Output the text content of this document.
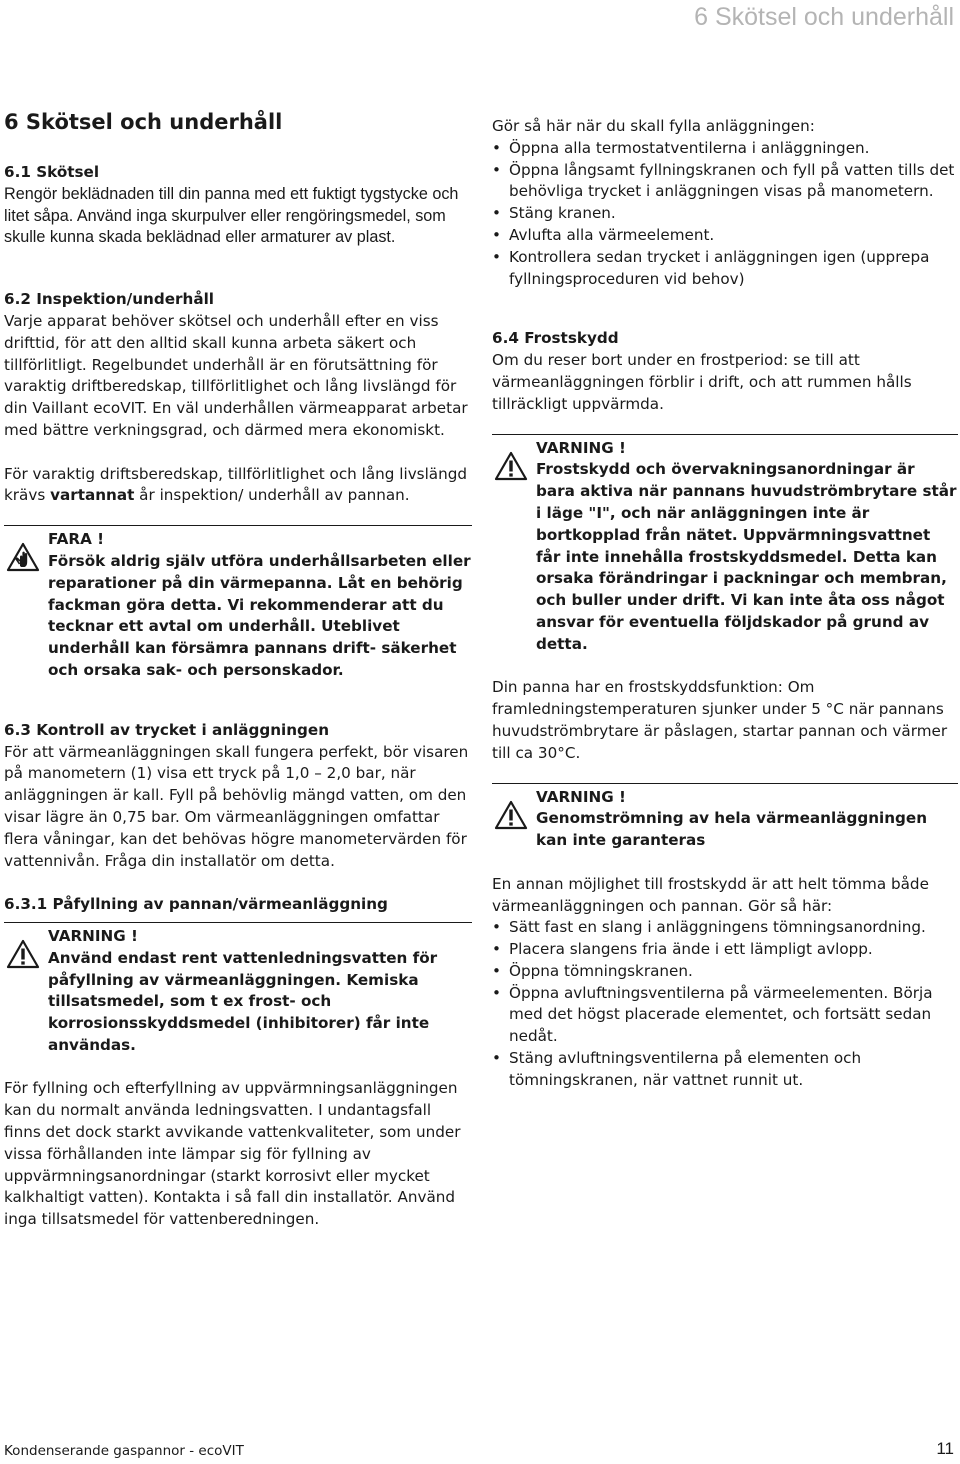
6 Skötsel och underhåll
6 Skötsel och underhåll
6.1 Skötsel

Rengör beklädnaden till din panna med ett fuktigt tygstycke och litet såpa. Använd inga skurpulver eller rengöringsmedel, som skulle kunna skada beklädnad eller armaturer av plast.

6.2 Inspektion/underhåll

Varje apparat behöver skötsel och underhåll efter en viss drifttid, för att den alltid skall kunna arbeta säkert och tillförlitligt. Regelbundet underhåll är en förutsättning för varaktig driftberedskap, tillförlitlighet och lång livslängd för din Vaillant ecoVIT. En väl underhållen värmeapparat arbetar med bättre verkningsgrad, och därmed mera ekonomiskt.

För varaktig driftsberedskap, tillförlitlighet och lång livslängd krävs vartannat år inspektion/ underhåll av pannan.

FARA !
Försök aldrig själv utföra underhållsarbeten eller reparationer på din värmepanna. Låt en behörig fackman göra detta. Vi rekommenderar att du tecknar ett avtal om underhåll. Uteblivet underhåll kan försämra pannans drift- säkerhet och orsaka sak- och personskador.
6.3 Kontroll av trycket i anläggningen

För att värmeanläggningen skall fungera perfekt, bör visaren på manometern (1) visa ett tryck på 1,0 – 2,0 bar, när anläggningen är kall. Fyll på behövlig mängd vatten, om den visar lägre än 0,75 bar. Om värmeanläggningen omfattar flera våningar, kan det behövas högre manometervärden för vattennivån. Fråga din installatör om detta.

6.3.1 Påfyllning av pannan/värmeanläggning
VARNING !
Använd endast rent vattenledningsvatten för påfyllning av värmeanläggningen. Kemiska tillsatsmedel, som t ex frost- och korrosionsskyddsmedel (inhibitorer) får inte användas.

För fyllning och efterfyllning av uppvärmningsanläggningen kan du normalt använda ledningsvatten. I undantagsfall finns det dock starkt avvikande vattenkvaliteter, som under vissa förhållanden inte lämpar sig för fyllning av uppvärmningsanordningar (starkt korrosivt eller mycket kalkhaltigt vatten). Kontakta i så fall din installatör. Använd inga tillsatsmedel för vattenberedningen.

Gör så här när du skall fylla anläggningen:

• Öppna alla termostatventilerna i anläggningen.
• Öppna långsamt fyllningskranen och fyll på vatten tills det behövliga trycket i anläggningen visas på manometern.
• Stäng kranen.
• Avlufta alla värmeelement.
• Kontrollera sedan trycket i anläggningen igen (upprepa fyllningsproceduren vid behov)
6.4 Frostskydd

Om du reser bort under en frostperiod: se till att värmeanläggningen förblir i drift, och att rummen hålls tillräckligt uppvärmda.

VARNING !
Frostskydd och övervakningsanordningar är bara aktiva när pannans huvudströmbrytare står i läge "I", och när anläggningen inte är bortkopplad från nätet. Uppvärmningsvattnet får inte innehålla frostskyddsmedel. Detta kan orsaka förändringar i packningar och membran, och buller under drift. Vi kan inte åta oss något ansvar för eventuella följdskador på grund av detta.

Din panna har en frostskyddsfunktion: Om framledningstemperaturen sjunker under 5 °C när pannans huvudströmbrytare är påslagen, startar pannan och värmer till ca 30°C.

VARNING !
Genomströmning av hela värmeanläggningen kan inte garanteras

En annan möjlighet till frostskydd är att helt tömma både värmeanläggningen och pannan. Gör så här:

• Sätt fast en slang i anläggningens tömningsanordning.
• Placera slangens fria ände i ett lämpligt avlopp.
• Öppna tömningskranen.
• Öppna avluftningsventilerna på värmeelementen. Börja med det högst placerade elementet, och fortsätt sedan nedåt.
• Stäng avluftningsventilerna på elementen och tömningskranen, när vattnet runnit ut.
Kondenserande gaspannor - ecoVIT	11
